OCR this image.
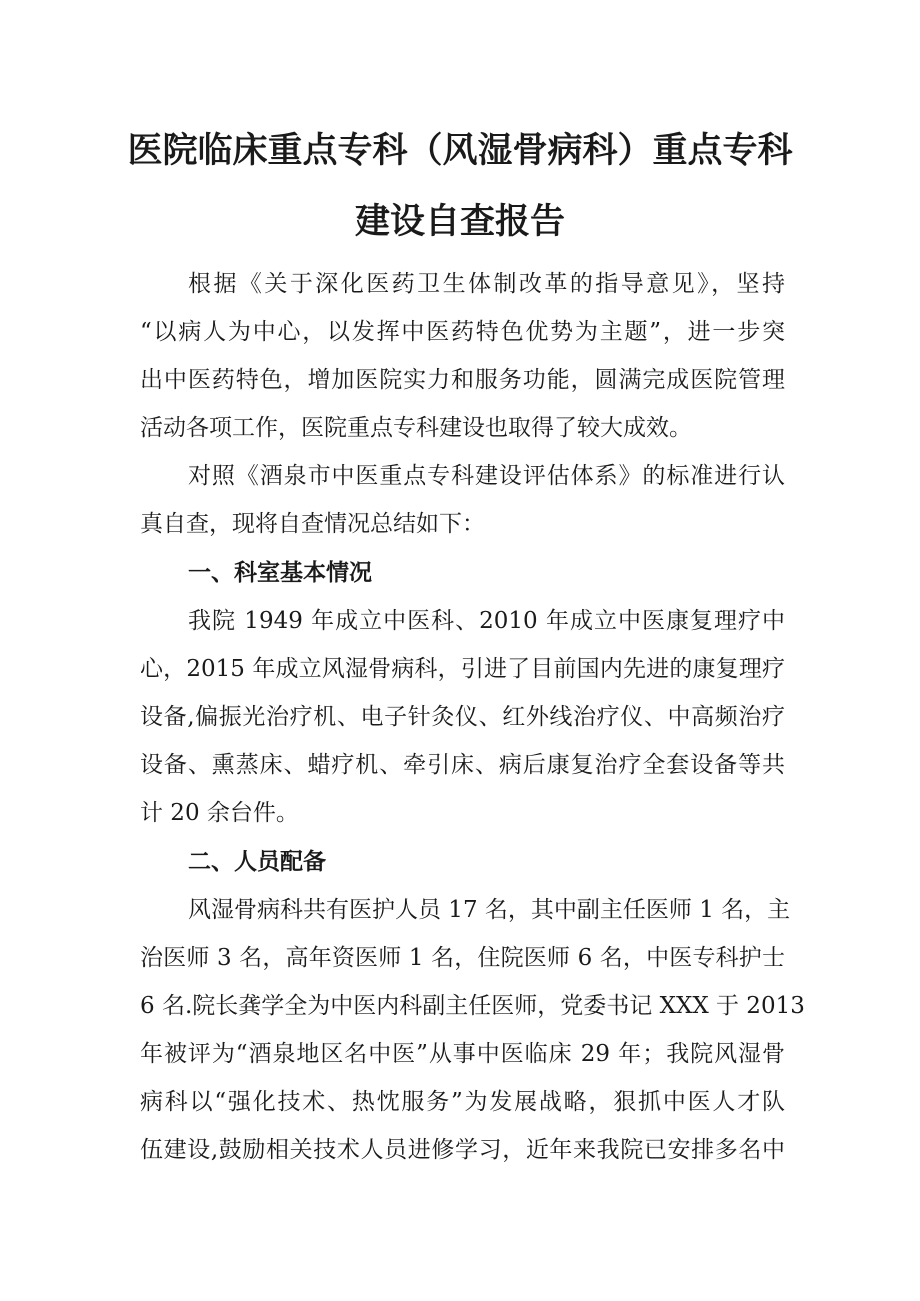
医院临床重点专科（风湿骨病科）重点专科
建设自查报告
根据《关于深化医药卫生体制改革的指导意见》，坚持
“以病人为中心，以发挥中医药特色优势为主题”，进一步突
出中医药特色，增加医院实力和服务功能，圆满完成医院管理
活动各项工作，医院重点专科建设也取得了较大成效。
对照《酒泉市中医重点专科建设评估体系》的标准进行认
真自查，现将自查情况总结如下：
一、科室基本情况
我院 1949 年成立中医科、2010 年成立中医康复理疗中
心，2015 年成立风湿骨病科，引进了目前国内先进的康复理疗
设备,偏振光治疗机、电子针灸仪、红外线治疗仪、中高频治疗
设备、熏蒸床、蜡疗机、牵引床、病后康复治疗全套设备等共
计 20 余台件。
二、人员配备
风湿骨病科共有医护人员 17 名，其中副主任医师 1 名，主
治医师 3 名，高年资医师 1 名，住院医师 6 名，中医专科护士
6 名.院长龚学全为中医内科副主任医师，党委书记 XXX 于 2013
年被评为“酒泉地区名中医”从事中医临床 29 年；我院风湿骨
病科以“强化技术、热忱服务”为发展战略，狠抓中医人才队
伍建设,鼓励相关技术人员进修学习，近年来我院已安排多名中
